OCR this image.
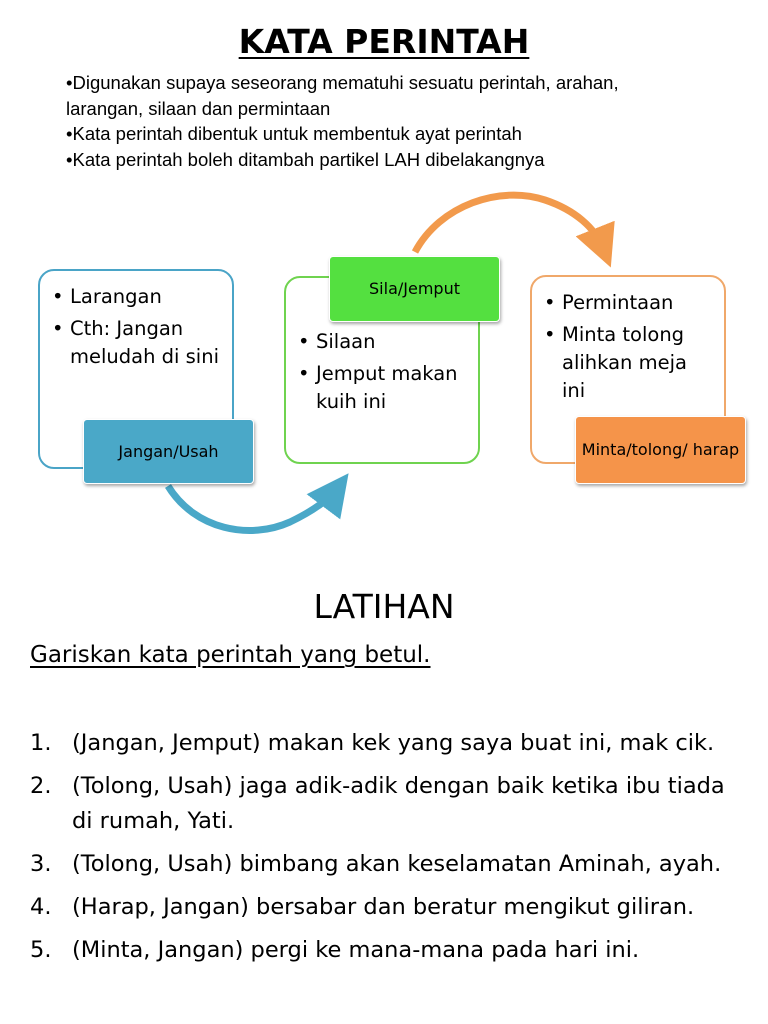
KATA PERINTAH
•Digunakan supaya seseorang mematuhi sesuatu perintah, arahan,
larangan, silaan dan permintaan
•Kata perintah dibentuk untuk membentuk ayat perintah
•Kata perintah boleh ditambah partikel LAH dibelakangnya
• Larangan
• Cth: Jangan meludah di sini
Jangan/Usah
• Silaan
• Jemput makan kuih ini
Sila/Jemput
• Permintaan
• Minta tolong alihkan meja ini
Minta/tolong/ harap
LATIHAN
Gariskan kata perintah yang betul.
1. (Jangan, Jemput) makan kek yang saya buat ini, mak cik.
2. (Tolong, Usah) jaga adik-adik dengan baik ketika ibu tiada di rumah, Yati.
3. (Tolong, Usah) bimbang akan keselamatan Aminah, ayah.
4. (Harap, Jangan) bersabar dan beratur mengikut giliran.
5. (Minta, Jangan) pergi ke mana-mana pada hari ini.
